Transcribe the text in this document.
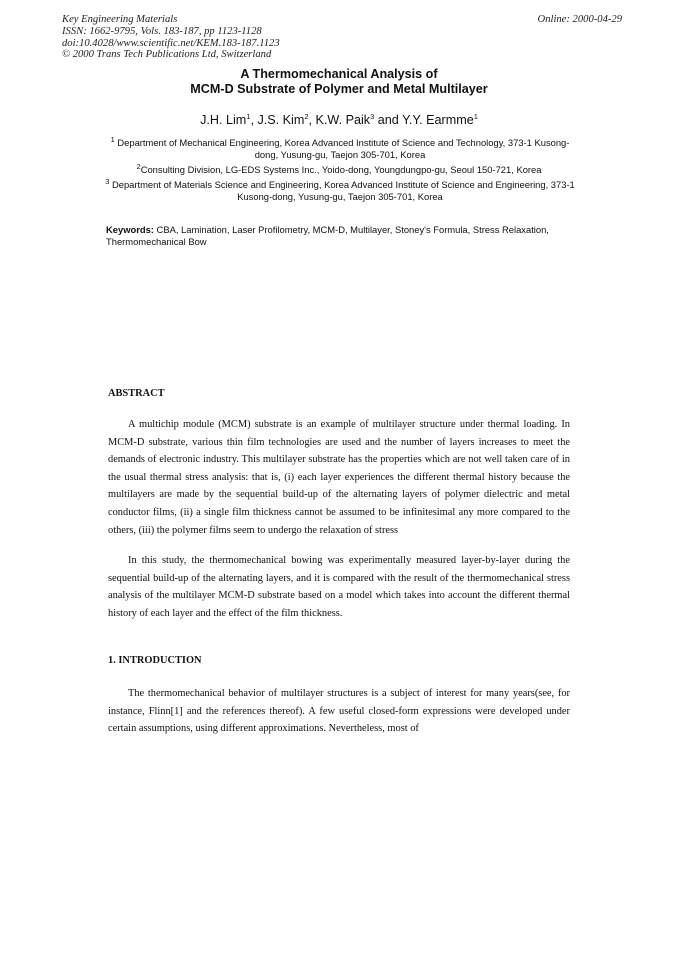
Key Engineering Materials
ISSN: 1662-9795, Vols. 183-187, pp 1123-1128
doi:10.4028/www.scientific.net/KEM.183-187.1123
© 2000 Trans Tech Publications Ltd, Switzerland
Online: 2000-04-29
A Thermomechanical Analysis of
MCM-D Substrate of Polymer and Metal Multilayer
J.H. Lim$^1$, J.S. Kim$^2$, K.W. Paik$^3$ and Y.Y. Earmme$^1$
$^1$ Department of Mechanical Engineering, Korea Advanced Institute of Science and Technology, 373-1 Kusong-dong, Yusung-gu, Taejon 305-701, Korea
$^2$Consulting Division, LG-EDS Systems Inc., Yoido-dong, Youngdungpo-gu, Seoul 150-721, Korea
$^3$ Department of Materials Science and Engineering, Korea Advanced Institute of Science and Engineering, 373-1 Kusong-dong, Yusung-gu, Taejon 305-701, Korea
Keywords: CBA, Lamination, Laser Profilometry, MCM-D, Multilayer, Stoney's Formula, Stress Relaxation, Thermomechanical Bow
ABSTRACT

A multichip module (MCM) substrate is an example of multilayer structure under thermal loading. In MCM-D substrate, various thin film technologies are used and the number of layers increases to meet the demands of electronic industry. This multilayer substrate has the properties which are not well taken care of in the usual thermal stress analysis: that is, (i) each layer experiences the different thermal history because the multilayers are made by the sequential build-up of the alternating layers of polymer dielectric and metal conductor films, (ii) a single film thickness cannot be assumed to be infinitesimal any more compared to the others, (iii) the polymer films seem to undergo the relaxation of stress

In this study, the thermomechanical bowing was experimentally measured layer-by-layer during the sequential build-up of the alternating layers, and it is compared with the result of the thermomechanical stress analysis of the multilayer MCM-D substrate based on a model which takes into account the different thermal history of each layer and the effect of the film thickness.

1. INTRODUCTION

The thermomechanical behavior of multilayer structures is a subject of interest for many years(see, for instance, Flinn[1] and the references thereof). A few useful closed-form expressions were developed under certain assumptions, using different approximations. Nevertheless, most of
